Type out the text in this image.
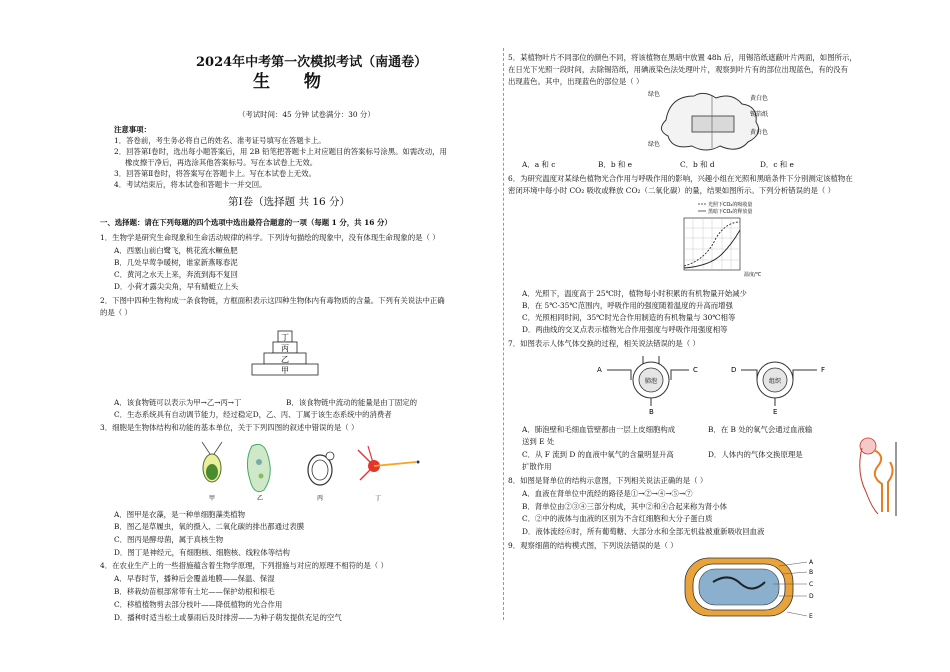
2024年中考第一次模拟考试（南通卷）
生 物
（考试时间：45 分钟 试卷满分：30 分）
注意事项：
1．答卷前，考生务必将自己的姓名、准考证号填写在答题卡上。
2．回答第Ⅰ卷时，选出每小题答案后，用 2B 铅笔把答题卡上对应题目的答案标号涂黑。如需改动，用
橡皮擦干净后，再选涂其他答案标号。写在本试卷上无效。
3．回答第Ⅱ卷时，将答案写在答题卡上。写在本试卷上无效。
4．考试结束后，将本试卷和答题卡一并交回。
第Ⅰ卷（选择题 共 16 分）
一、选择题：请在下列每题的四个选项中选出最符合题意的一项（每题 1 分，共 16 分）
1．生物学是研究生命现象和生命活动规律的科学。下列诗句描绘的现象中，没有体现生命现象的是（ ）
A．西塞山前白鹭飞，桃花流水鳜鱼肥
B．几处早莺争暖树，谁家新燕啄春泥
C．黄河之水天上来，奔流到海不复回
D．小荷才露尖尖角，早有蜻蜓立上头
2．下图中四种生物构成一条食物链，方框面积表示这四种生物体内有毒物质的含量。下列有关说法中正确
的是（ ）
丁
丙
乙
甲
A．该食物链可以表示为甲→乙→丙→丁	B．该食物链中流动的能量是由丁固定的
C．生态系统具有自动调节能力，经过稳定D，乙、丙、丁属于该生态系统中的消费者
3．细胞是生物体结构和功能的基本单位，关于下列四图的叙述中错误的是（ ）
甲	乙	丙	丁
A．图甲是衣藻，是一种单细胞藻类植物
B．图乙是草履虫，氧的摄入、二氧化碳的排出都通过表膜
C．图丙是酵母菌，属于真核生物
D．图丁是神经元，有细胞核、细胞核、线粒体等结构
4．在农业生产上的一些措施蕴含着生物学原理，下列措施与对应的原理不相符的是（ ）
A．早春时节，播种后会覆盖地膜——保温、保湿
B．移栽幼苗根部常带有土坨——保护幼根和根毛
C．移植植物剪去部分枝叶——降低植物的光合作用
D．播种时适当松土或暴雨后及时排涝——为种子萌发提供充足的空气
5．某植物叶片不同部位的颜色不同，将该植物在黑暗中放置 48h 后，用锡箔纸遮蔽叶片两面，如图所示，
在日光下光照一段时间，去除锡箔纸，用碘液染色法处理叶片，观察到叶片有的部位出现蓝色，有的没有
出现蓝色。其中，出现蓝色的部位是（ ）
绿色
绿色
黄白色
锡箔纸
黄白色
A．a 和 c	B．b 和 e	C．b 和 d	D．c 和 e
6．为研究温度对某绿色植物光合作用与呼吸作用的影响，兴趣小组在光照和黑暗条件下分别测定该植物在
密闭环境中每小时 CO₂ 吸收或释放 CO₂（二氧化碳）的量，结果如图所示。下列分析错误的是（ ）
光照下CO₂的吸收量
黑暗下CO₂的释放量
温度/℃
A．光照下，温度高于 25℃时，植物每小时积累的有机物量开始减少
B．在 5℃-35℃范围内，呼吸作用的强度随着温度的升高而增强
C．光照相同时间，35℃时光合作用制造的有机物量与 30℃相等
D．两曲线的交叉点表示植物光合作用强度与呼吸作用强度相等
7．如图表示人体气体交换的过程，相关说法错误的是（ ）
A
肺泡
B
C	D
组织
E
F
A．肺泡壁和毛细血管壁都由一层上皮细胞构成	B．在 B 处的氧气会通过血液输
送到 E 处
C．从 F 流到 D 的血液中氧气的含量明显升高	D．人体内的气体交换原理是
扩散作用
8．如图是肾单位的结构示意图，下列相关说法正确的是（ ）
A．血液在肾单位中流经的路径是①→②→④→⑤→⑦
B．肾单位由②③④三部分构成，其中②和④合起来称为肾小体
C．②中的液体与血液的区别为不含红细胞和大分子蛋白质
D．液体流经⑥时，所有葡萄糖、大部分水和全部无机盐被重新吸收回血液
9．观察细菌的结构模式图，下列说法错误的是（ ）
A
B
C
D
E
